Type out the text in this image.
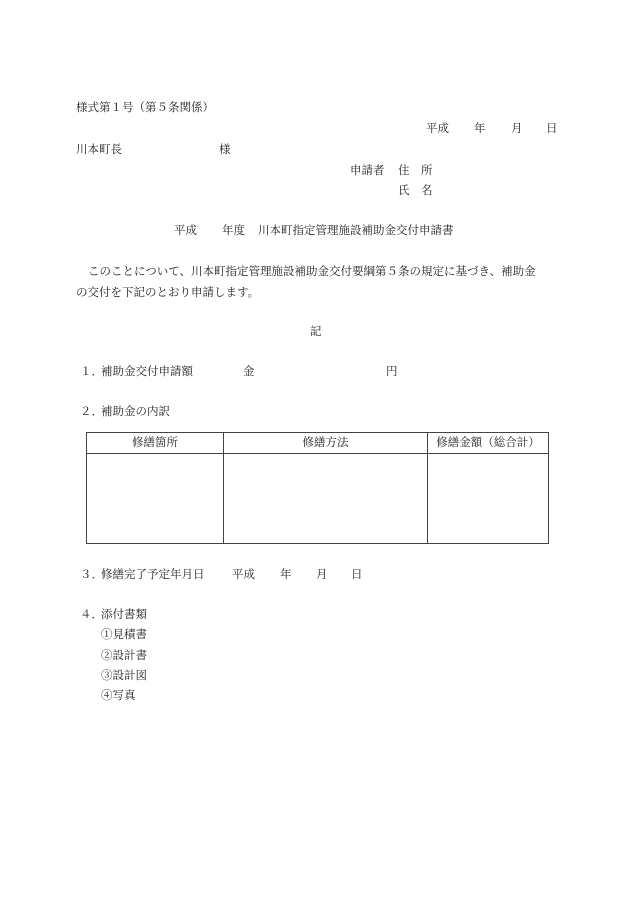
様式第１号（第５条関係）
平成 年 月 日
川本町長	様
申請者 住　所
氏　名
平成 年度 川本町指定管理施設補助金交付申請書
このことについて、川本町指定管理施設補助金交付要綱第５条の規定に基づき、補助金
の交付を下記のとおり申請します。
記
１．
補助金交付申請額	金	円
２．
補助金の内訳
修繕箇所	修繕方法	修繕金額（総合計）

３．
修繕完了予定年月日 平成 年 月 日
４．
添付書類
①見積書
②設計書
③設計図
④写真
